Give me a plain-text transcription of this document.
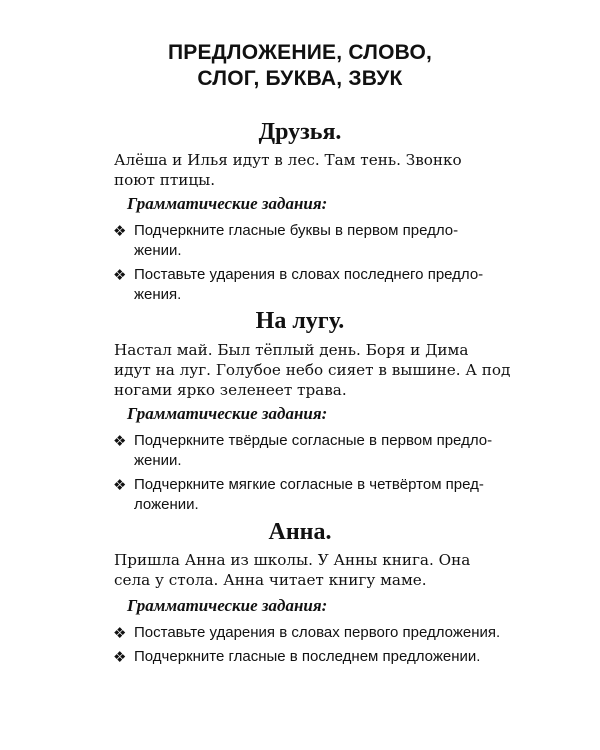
ПРЕДЛОЖЕНИЕ, СЛОВО,
СЛОГ, БУКВА, ЗВУК
Друзья.
Алёша и Илья идут в лес. Там тень. Звонко
поют птицы.
Грамматические задания:
❖ Подчеркните гласные буквы в первом предло-
жении.
❖ Поставьте ударения в словах последнего предло-
жения.
На лугу.
Настал май. Был тёплый день. Боря и Дима
идут на луг. Голубое небо сияет в вышине. А под
ногами ярко зеленеет трава.
Грамматические задания:
❖ Подчеркните твёрдые согласные в первом предло-
жении.
❖ Подчеркните мягкие согласные в четвёртом пред-
ложении.
Анна.
Пришла Анна из школы. У Анны книга. Она
села у стола. Анна читает книгу маме.
Грамматические задания:
❖ Поставьте ударения в словах первого предложения.
❖ Подчеркните гласные в последнем предложении.
